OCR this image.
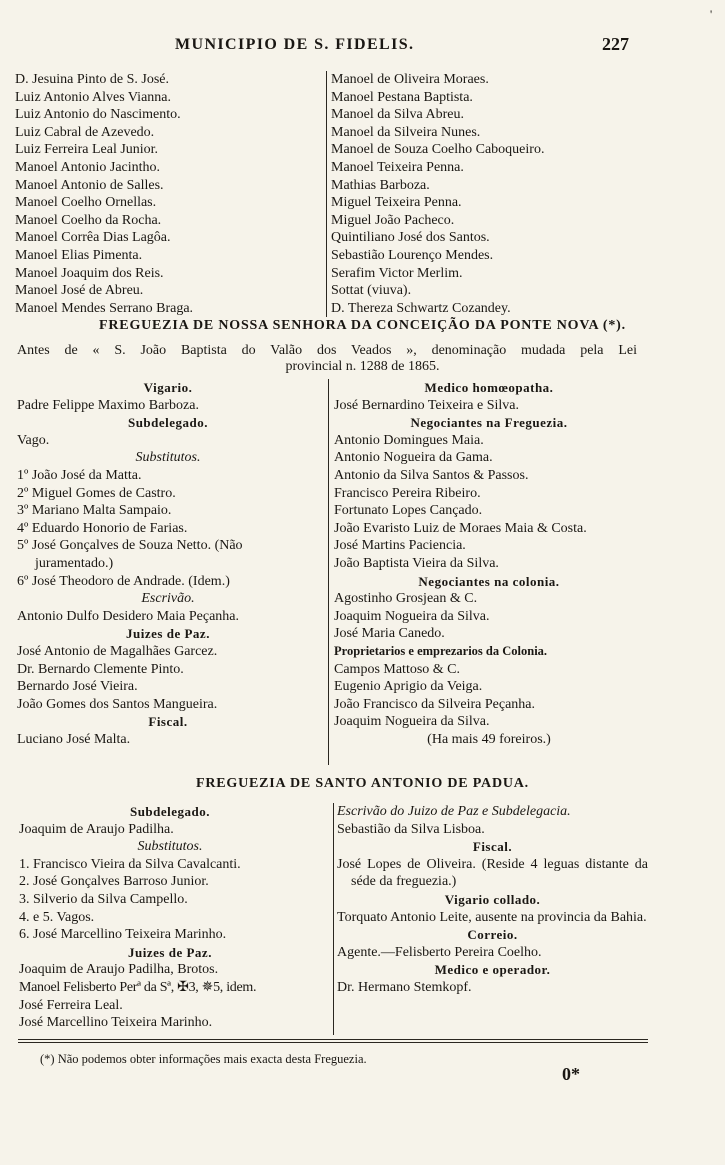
'
MUNICIPIO DE S. FIDELIS.	227
D. Jesuina Pinto de S. José.
Luiz Antonio Alves Vianna.
Luiz Antonio do Nascimento.
Luiz Cabral de Azevedo.
Luiz Ferreira Leal Junior.
Manoel Antonio Jacintho.
Manoel Antonio de Salles.
Manoel Coelho Ornellas.
Manoel Coelho da Rocha.
Manoel Corrêa Dias Lagôa.
Manoel Elias Pimenta.
Manoel Joaquim dos Reis.
Manoel José de Abreu.
Manoel Mendes Serrano Braga.
Manoel de Oliveira Moraes.
Manoel Pestana Baptista.
Manoel da Silva Abreu.
Manoel da Silveira Nunes.
Manoel de Souza Coelho Caboqueiro.
Manoel Teixeira Penna.
Mathias Barboza.
Miguel Teixeira Penna.
Miguel João Pacheco.
Quintiliano José dos Santos.
Sebastião Lourenço Mendes.
Serafim Victor Merlim.
Sottat (viuva).
D. Thereza Schwartz Cozandey.
FREGUEZIA DE NOSSA SENHORA DA CONCEIÇÃO DA PONTE NOVA (*).
Antes de « S. João Baptista do Valão dos Veados », denominação mudada pela Lei
provincial n. 1288 de 1865.
Vigario.
Padre Felippe Maximo Barboza.
Subdelegado.
Vago.
Substitutos.
1º João José da Matta.
2º Miguel Gomes de Castro.
3º Mariano Malta Sampaio.
4º Eduardo Honorio de Farias.
5º José Gonçalves de Souza Netto. (Não juramentado.)
6º José Theodoro de Andrade. (Idem.)
Escrivão.
Antonio Dulfo Desidero Maia Peçanha.
Juizes de Paz.
José Antonio de Magalhães Garcez.
Dr. Bernardo Clemente Pinto.
Bernardo José Vieira.
João Gomes dos Santos Mangueira.
Fiscal.
Luciano José Malta.
Medico homœopatha.
José Bernardino Teixeira e Silva.
Negociantes na Freguezia.
Antonio Domingues Maia.
Antonio Nogueira da Gama.
Antonio da Silva Santos & Passos.
Francisco Pereira Ribeiro.
Fortunato Lopes Cançado.
João Evaristo Luiz de Moraes Maia & Costa.
José Martins Paciencia.
João Baptista Vieira da Silva.
Negociantes na colonia.
Agostinho Grosjean & C.
Joaquim Nogueira da Silva.
José Maria Canedo.
Proprietarios e emprezarios da Colonia.
Campos Mattoso & C.
Eugenio Aprigio da Veiga.
João Francisco da Silveira Peçanha.
Joaquim Nogueira da Silva.
(Ha mais 49 foreiros.)
FREGUEZIA DE SANTO ANTONIO DE PADUA.
Subdelegado.
Joaquim de Araujo Padilha.
Substitutos.
1. Francisco Vieira da Silva Cavalcanti.
2. José Gonçalves Barroso Junior.
3. Silverio da Silva Campello.
4. e 5. Vagos.
6. José Marcellino Teixeira Marinho.
Juizes de Paz.
Joaquim de Araujo Padilha, Brotos.
Manoel Felisberto Perª da Sª, ✠3, ✵5, idem.
José Ferreira Leal.
José Marcellino Teixeira Marinho.
Escrivão do Juizo de Paz e Subdelegacia.
Sebastião da Silva Lisboa.
Fiscal.
José Lopes de Oliveira. (Reside 4 leguas distante da séde da freguezia.)
Vigario collado.
Torquato Antonio Leite, ausente na provincia da Bahia.
Correio.
Agente.—Felisberto Pereira Coelho.
Medico e operador.
Dr. Hermano Stemkopf.
(*) Não podemos obter informações mais exacta desta Freguezia.
0*
